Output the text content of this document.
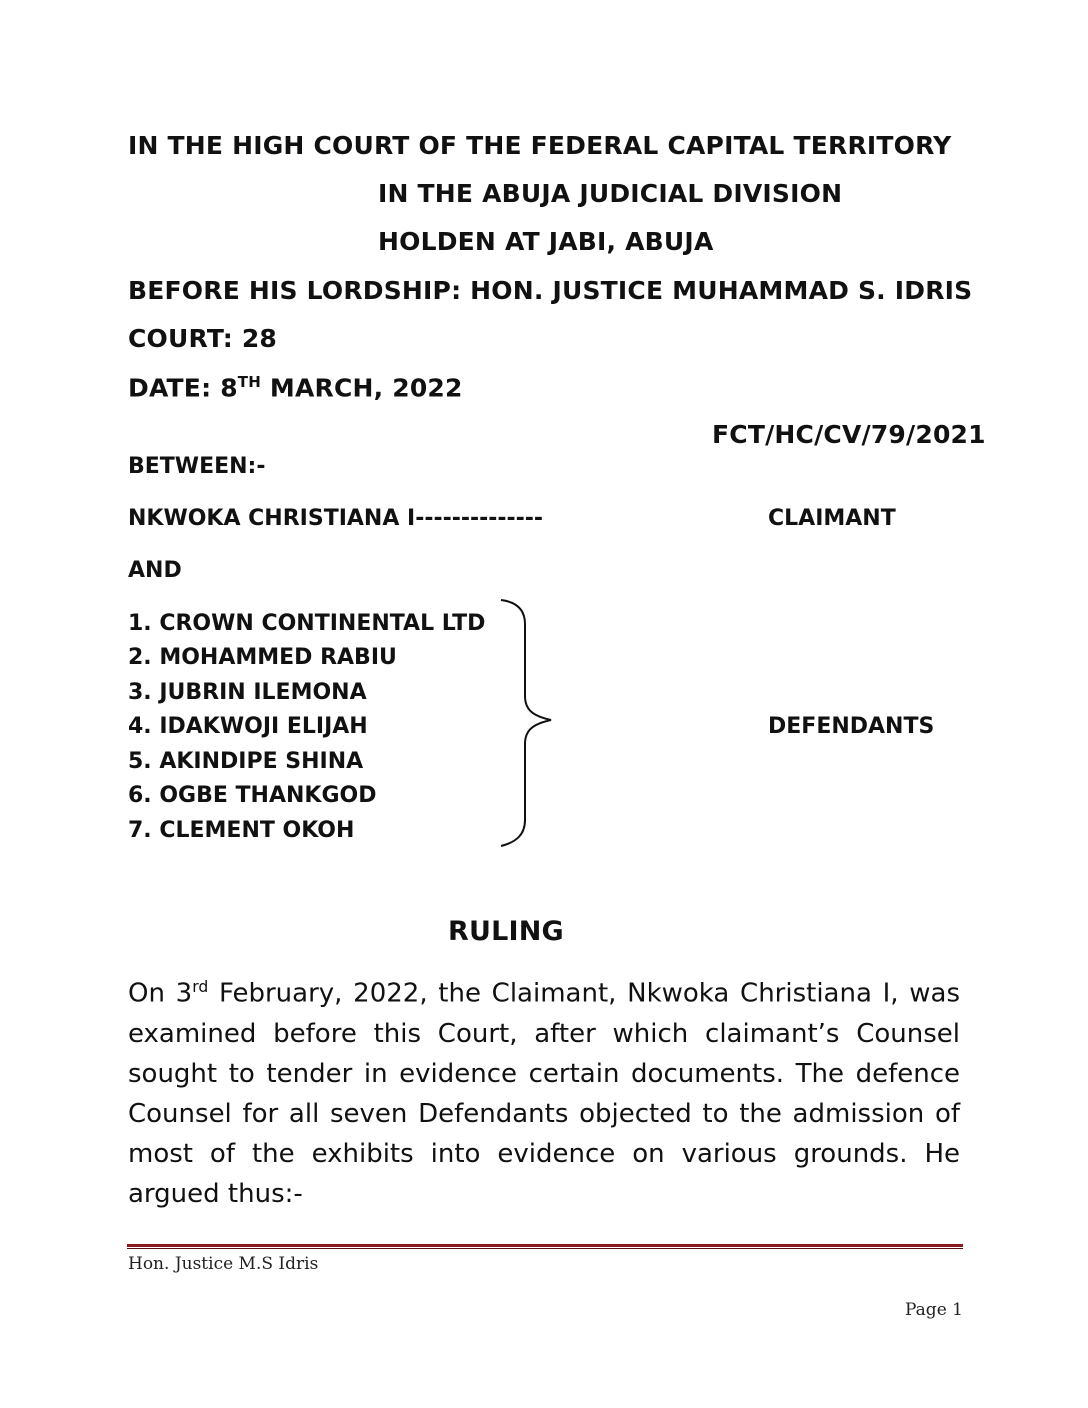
IN THE HIGH COURT OF THE FEDERAL CAPITAL TERRITORY
IN THE ABUJA JUDICIAL DIVISION
HOLDEN AT JABI, ABUJA
BEFORE HIS LORDSHIP: HON. JUSTICE MUHAMMAD S. IDRIS
COURT: 28
DATE: 8TH MARCH, 2022
FCT/HC/CV/79/2021
BETWEEN:-
NKWOKA CHRISTIANA I--------------	CLAIMANT
AND
1. CROWN CONTINENTAL LTD
2. MOHAMMED RABIU
3. JUBRIN ILEMONA
4. IDAKWOJI ELIJAH
5. AKINDIPE SHINA
6. OGBE THANKGOD
7. CLEMENT OKOH
DEFENDANTS
RULING
On 3rd February, 2022, the Claimant, Nkwoka Christiana I, was examined before this Court, after which claimant’s Counsel sought to tender in evidence certain documents. The defence Counsel for all seven Defendants objected to the admission of most of the exhibits into evidence on various grounds. He argued thus:-
Hon. Justice M.S Idris
Page 1
